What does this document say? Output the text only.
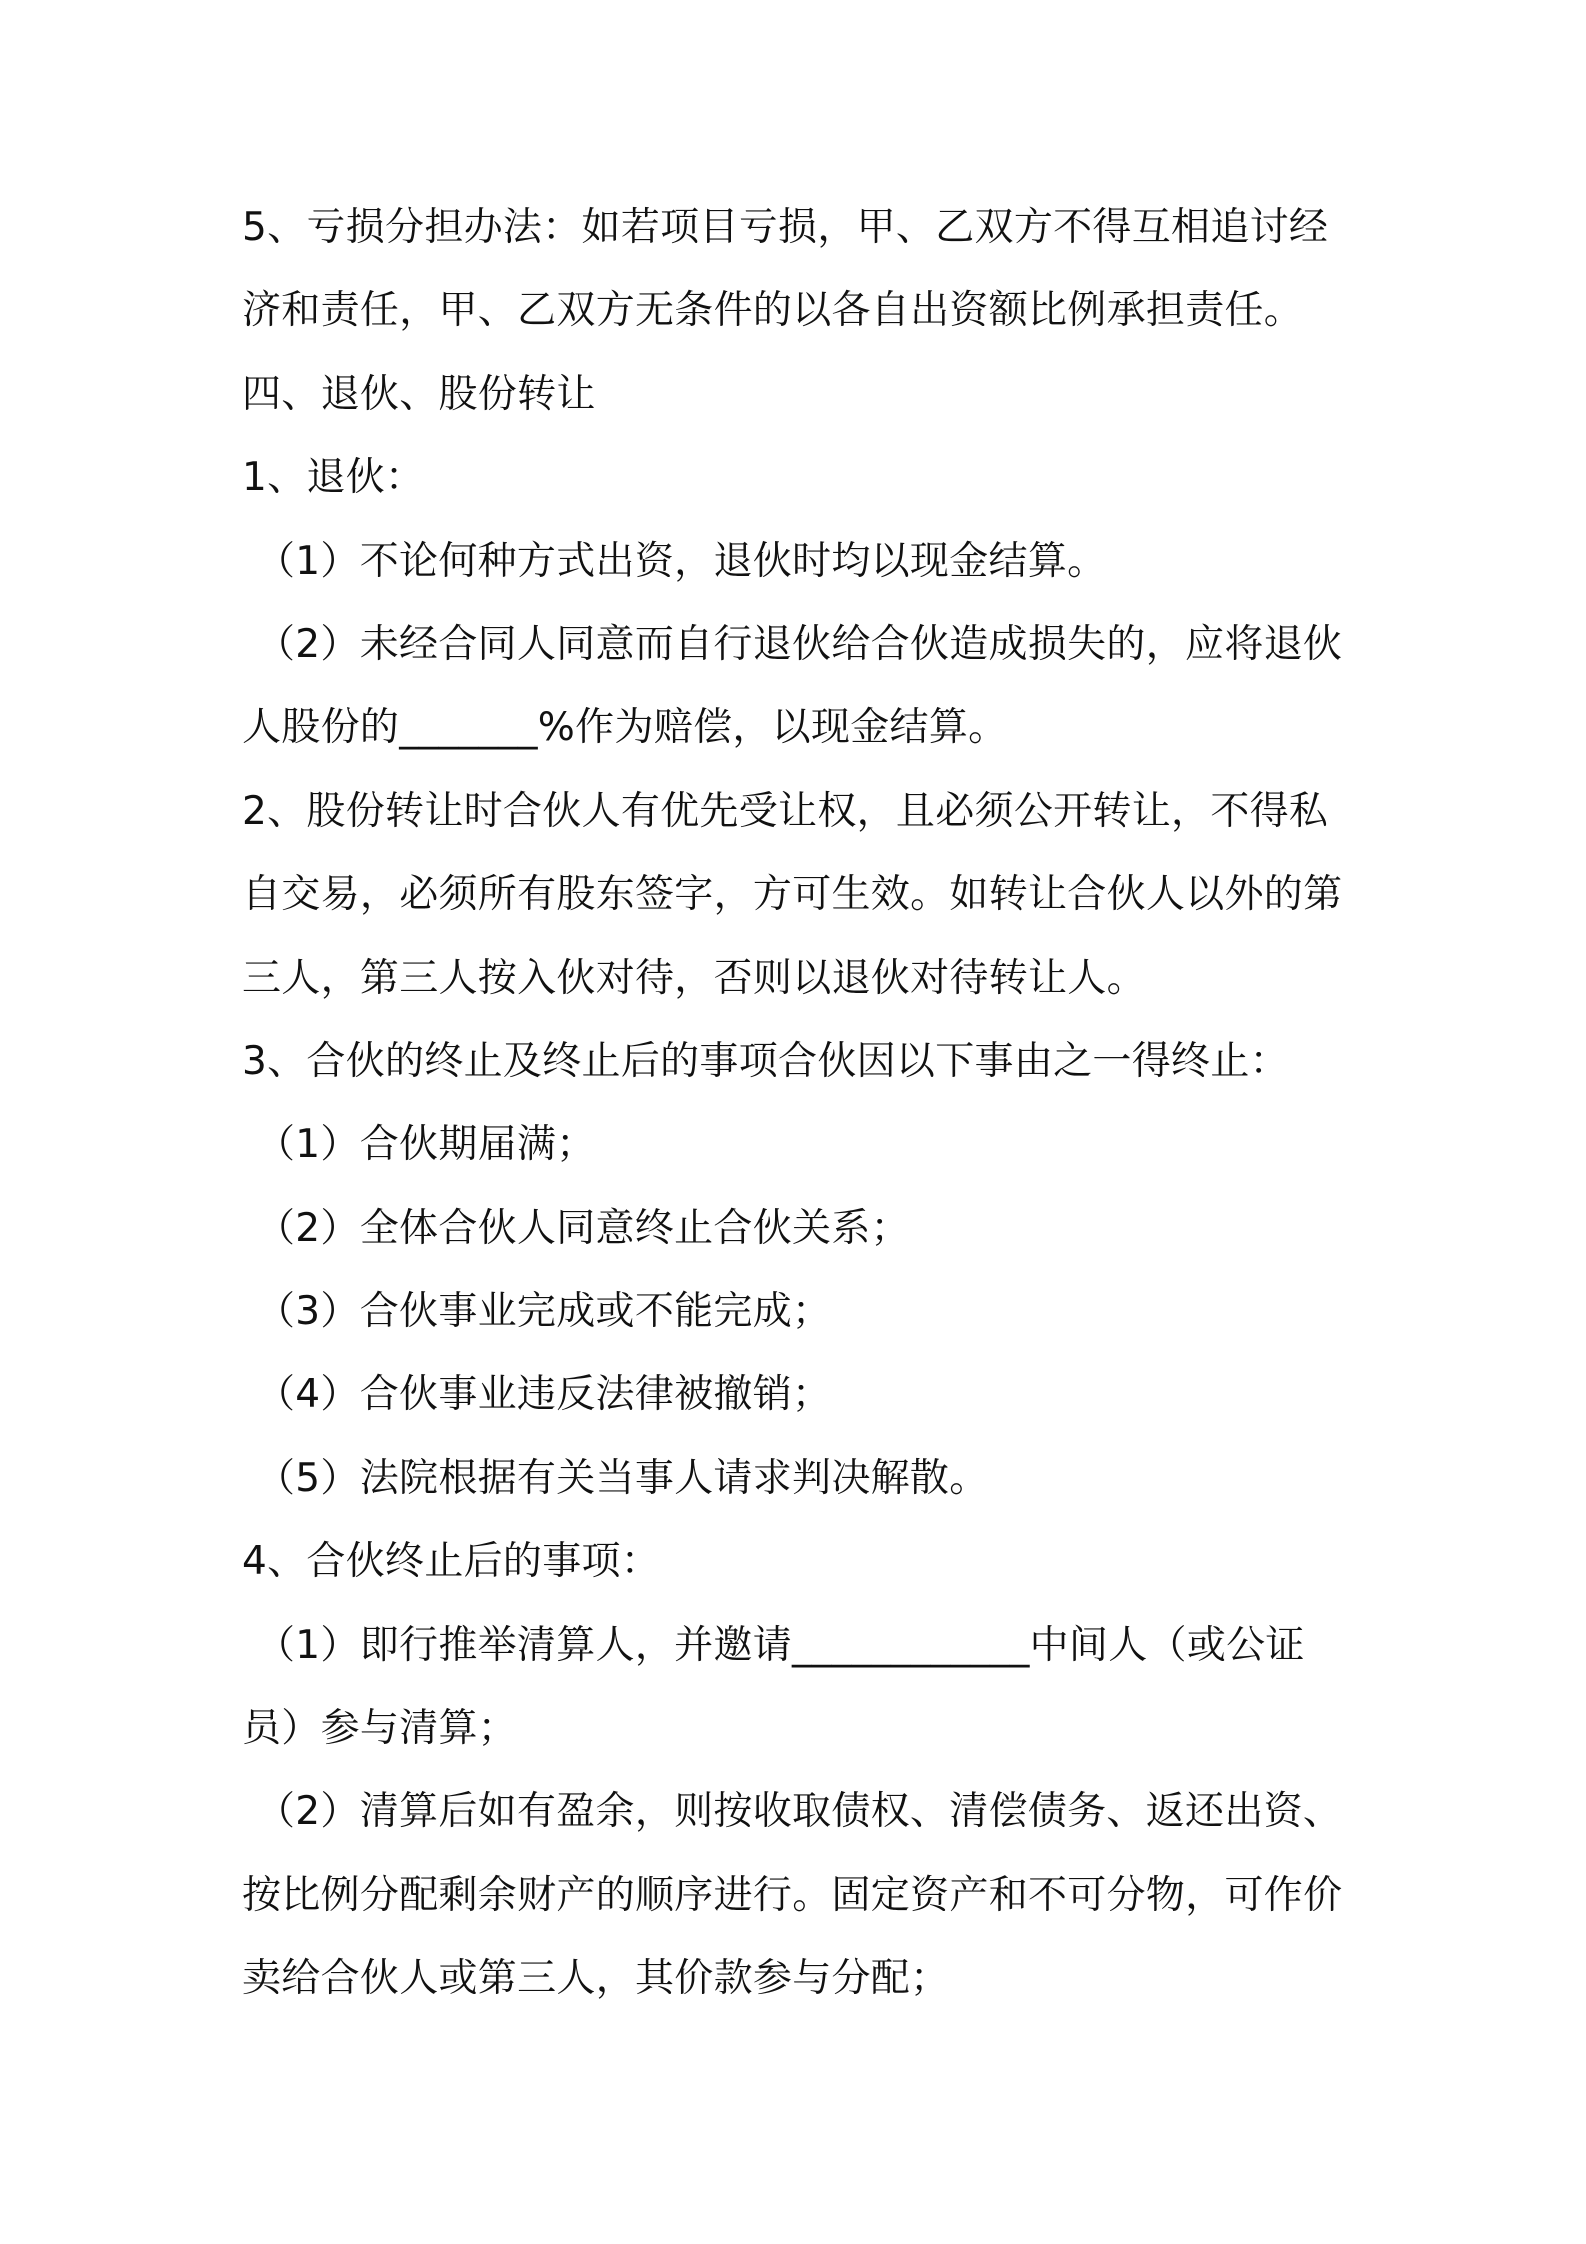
5、亏损分担办法：如若项目亏损，甲、乙双方不得互相追讨经
济和责任，甲、乙双方无条件的以各自出资额比例承担责任。
四、退伙、股份转让
1、退伙：
（1）不论何种方式出资，退伙时均以现金结算。
（2）未经合同人同意而自行退伙给合伙造成损失的，应将退伙
人股份的_______%作为赔偿，以现金结算。
2、股份转让时合伙人有优先受让权，且必须公开转让，不得私
自交易，必须所有股东签字，方可生效。如转让合伙人以外的第
三人，第三人按入伙对待，否则以退伙对待转让人。
3、合伙的终止及终止后的事项合伙因以下事由之一得终止：
（1）合伙期届满；
（2）全体合伙人同意终止合伙关系；
（3）合伙事业完成或不能完成；
（4）合伙事业违反法律被撤销；
（5）法院根据有关当事人请求判决解散。
4、合伙终止后的事项：
（1）即行推举清算人，并邀请____________中间人（或公证
员）参与清算；
（2）清算后如有盈余，则按收取债权、清偿债务、返还出资、
按比例分配剩余财产的顺序进行。固定资产和不可分物，可作价
卖给合伙人或第三人，其价款参与分配；
